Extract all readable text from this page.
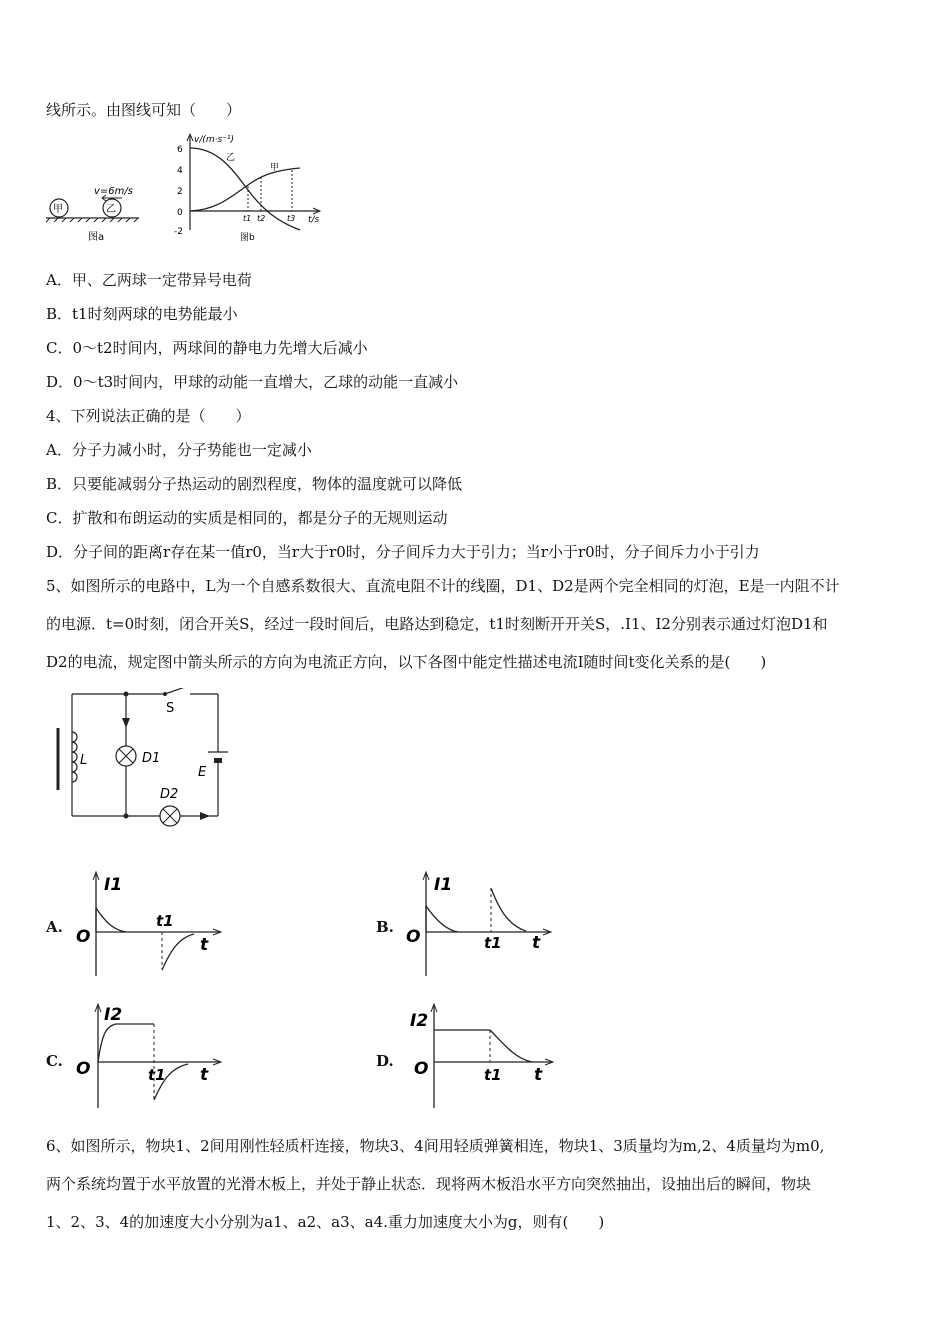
线所示。由图线可知（　　）
甲	乙
v=6m/s
图a
v/(m·s⁻¹)
6
4
2
0
-2
t/s
乙
甲
t1 t2	t3
图b
A．甲、乙两球一定带异号电荷
B．t1时刻两球的电势能最小
C．0～t2时间内，两球间的静电力先增大后减小
D．0～t3时间内，甲球的动能一直增大，乙球的动能一直减小
4、下列说法正确的是（　　）
A．分子力减小时，分子势能也一定减小
B．只要能减弱分子热运动的剧烈程度，物体的温度就可以降低
C．扩散和布朗运动的实质是相同的，都是分子的无规则运动
D．分子间的距离r存在某一值r0，当r大于r0时，分子间斥力大于引力；当r小于r0时，分子间斥力小于引力
5、如图所示的电路中，L为一个自感系数很大、直流电阻不计的线圈，D1、D2是两个完全相同的灯泡，E是一内阻不计
的电源．t=0时刻，闭合开关S，经过一段时间后，电路达到稳定，t1时刻断开开关S，.I1、I2分别表示通过灯泡D1和
D2的电流，规定图中箭头所示的方向为电流正方向，以下各图中能定性描述电流I随时间t变化关系的是(　　)
S
E
L	D1
D2
A.
I1
O	t
t1	B.
I1
O	t
t1
C.
I2
O	t
t1
D.
I2
O	t
t1
6、如图所示，物块1、2间用刚性轻质杆连接，物块3、4间用轻质弹簧相连，物块1、3质量均为m,2、4质量均为m0,
两个系统均置于水平放置的光滑木板上，并处于静止状态．现将两木板沿水平方向突然抽出，设抽出后的瞬间，物块
1、2、3、4的加速度大小分别为a1、a2、a3、a4.重力加速度大小为g，则有(　　)
